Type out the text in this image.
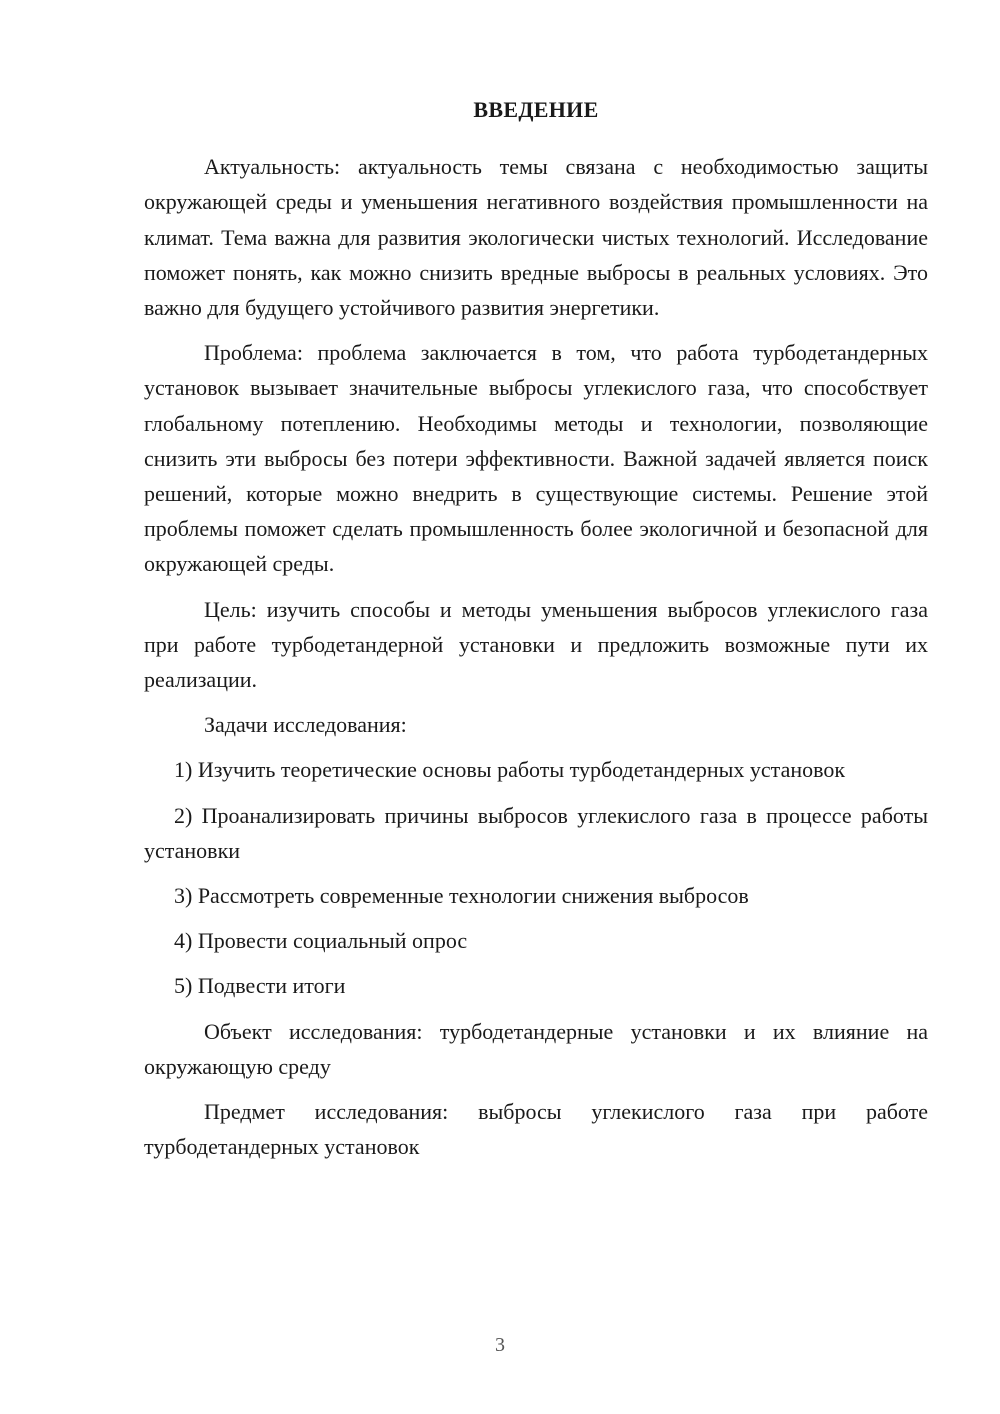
ВВЕДЕНИЕ

Актуальность: актуальность темы связана с необходимостью защиты окружающей среды и уменьшения негативного воздействия промышленности на климат. Тема важна для развития экологически чистых технологий. Исследование поможет понять, как можно снизить вредные выбросы в реальных условиях. Это важно для будущего устойчивого развития энергетики.

Проблема: проблема заключается в том, что работа турбодетандерных установок вызывает значительные выбросы углекислого газа, что способствует глобальному потеплению. Необходимы методы и технологии, позволяющие снизить эти выбросы без потери эффективности. Важной задачей является поиск решений, которые можно внедрить в существующие системы. Решение этой проблемы поможет сделать промышленность более экологичной и безопасной для окружающей среды.

Цель: изучить способы и методы уменьшения выбросов углекислого газа при работе турбодетандерной установки и предложить возможные пути их реализации.

Задачи исследования:

1) Изучить теоретические основы работы турбодетандерных установок

2) Проанализировать причины выбросов углекислого газа в процессе работы установки

3) Рассмотреть современные технологии снижения выбросов

4) Провести социальный опрос

5) Подвести итоги

Объект исследования: турбодетандерные установки и их влияние на окружающую среду

Предмет исследования: выбросы углекислого газа при работе турбодетандерных установок

3
